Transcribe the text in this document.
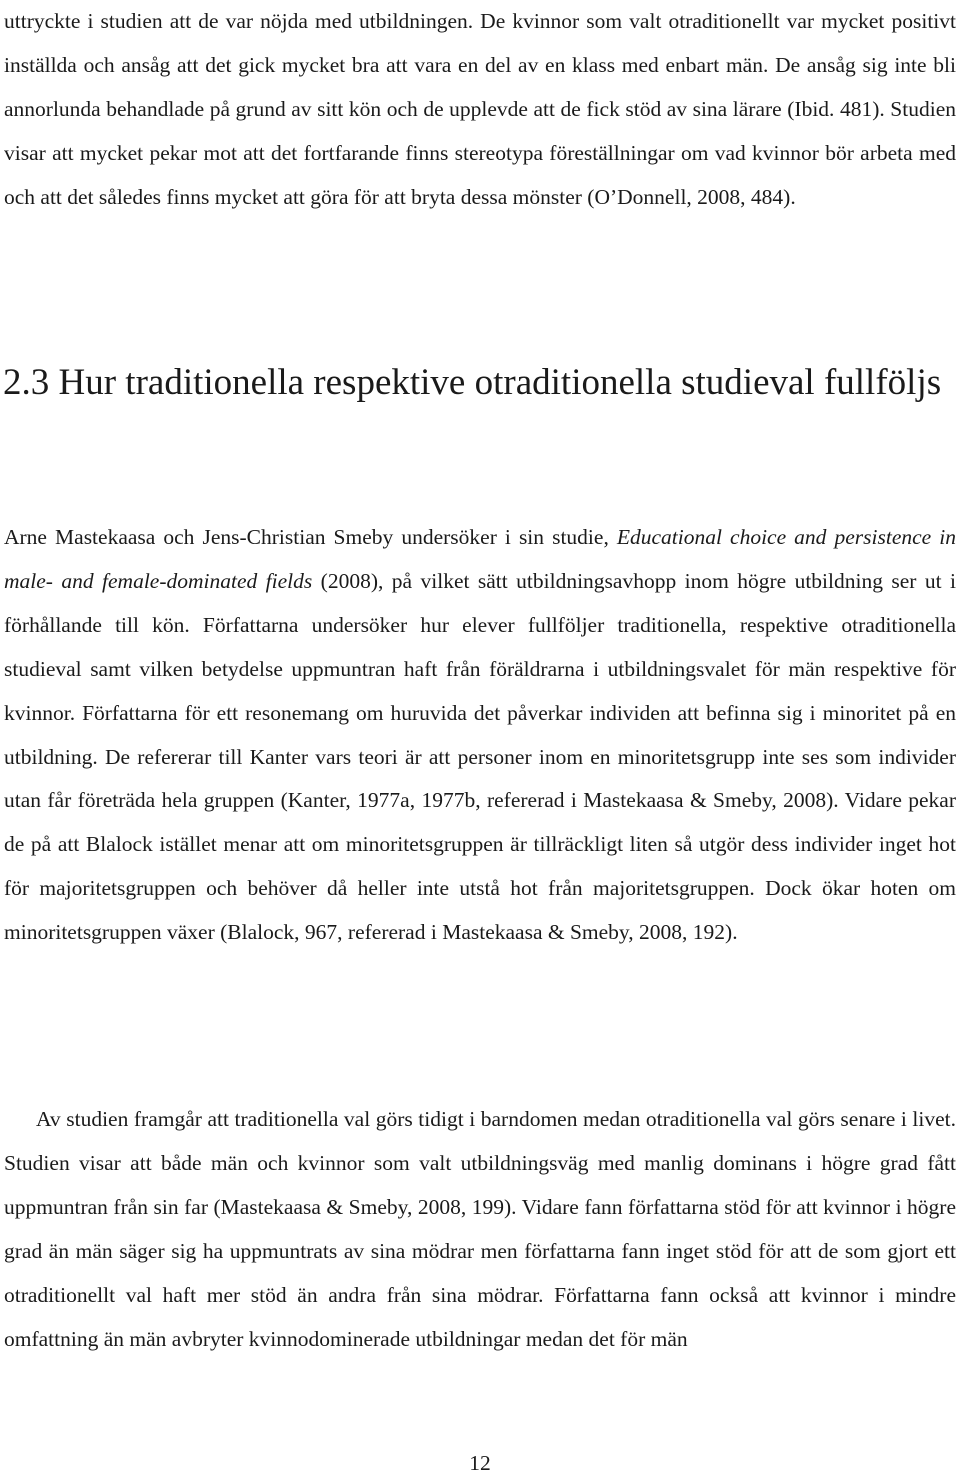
uttryckte i studien att de var nöjda med utbildningen. De kvinnor som valt otraditionellt var mycket positivt inställda och ansåg att det gick mycket bra att vara en del av en klass med enbart män. De ansåg sig inte bli annorlunda behandlade på grund av sitt kön och de upplevde att de fick stöd av sina lärare (Ibid. 481). Studien visar att mycket pekar mot att det fortfarande finns stereotypa föreställningar om vad kvinnor bör arbeta med och att det således finns mycket att göra för att bryta dessa mönster (O’Donnell, 2008, 484).

2.3 Hur traditionella respektive otraditionella studieval fullföljs

Arne Mastekaasa och Jens-Christian Smeby undersöker i sin studie, Educational choice and persistence in male- and female-dominated fields (2008), på vilket sätt utbildningsavhopp inom högre utbildning ser ut i förhållande till kön. Författarna undersöker hur elever fullföljer traditionella, respektive otraditionella studieval samt vilken betydelse uppmuntran haft från föräldrarna i utbildningsvalet för män respektive för kvinnor. Författarna för ett resonemang om huruvida det påverkar individen att befinna sig i minoritet på en utbildning. De refererar till Kanter vars teori är att personer inom en minoritetsgrupp inte ses som individer utan får företräda hela gruppen (Kanter, 1977a, 1977b, refererad i Mastekaasa & Smeby, 2008). Vidare pekar de på att Blalock istället menar att om minoritetsgruppen är tillräckligt liten så utgör dess individer inget hot för majoritetsgruppen och behöver då heller inte utstå hot från majoritetsgruppen. Dock ökar hoten om minoritetsgruppen växer (Blalock, 967, refererad i Mastekaasa & Smeby, 2008, 192).

Av studien framgår att traditionella val görs tidigt i barndomen medan otraditionella val görs senare i livet. Studien visar att både män och kvinnor som valt utbildningsväg med manlig dominans i högre grad fått uppmuntran från sin far (Mastekaasa & Smeby, 2008, 199). Vidare fann författarna stöd för att kvinnor i högre grad än män säger sig ha uppmuntrats av sina mödrar men författarna fann inget stöd för att de som gjort ett otraditionellt val haft mer stöd än andra från sina mödrar. Författarna fann också att kvinnor i mindre omfattning än män avbryter kvinnodominerade utbildningar medan det för män

12
